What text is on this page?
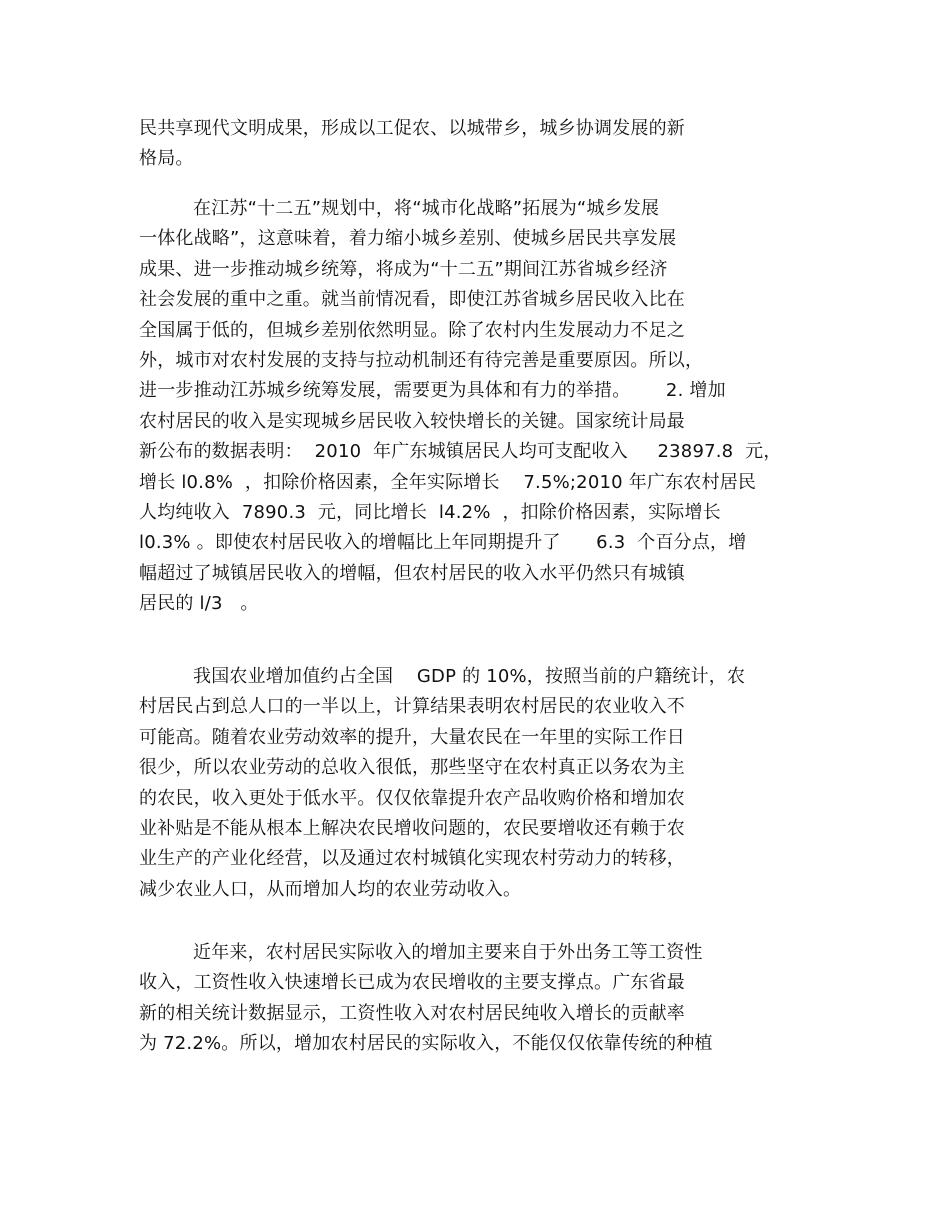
民共享现代文明成果，形成以工促农、以城带乡，城乡协调发展的新
格局。
在江苏“十二五”规划中，将“城市化战略”拓展为“城乡发展
一体化战略”，这意味着，着力缩小城乡差别、使城乡居民共享发展
成果、进一步推动城乡统筹，将成为“十二五”期间江苏省城乡经济
社会发展的重中之重。就当前情况看，即使江苏省城乡居民收入比在
全国属于低的，但城乡差别依然明显。除了农村内生发展动力不足之
外，城市对农村发展的支持与拉动机制还有待完善是重要原因。所以，
进一步推动江苏城乡统筹发展，需要更为具体和有力的举措。      2. 增加
农村居民的收入是实现城乡居民收入较快增长的关键。国家统计局最
新公布的数据表明：  2010  年广东城镇居民人均可支配收入     23897.8  元，
增长 l0.8%  ，扣除价格因素，全年实际增长    7.5%;2010 年广东农村居民
人均纯收入  7890.3  元，同比增长  l4.2%  ，扣除价格因素，实际增长
l0.3% 。即使农村居民收入的增幅比上年同期提升了      6.3  个百分点，增
幅超过了城镇居民收入的增幅，但农村居民的收入水平仍然只有城镇
居民的 l/3   。
我国农业增加值约占全国    GDP 的 10%，按照当前的户籍统计，农
村居民占到总人口的一半以上，计算结果表明农村居民的农业收入不
可能高。随着农业劳动效率的提升，大量农民在一年里的实际工作日
很少，所以农业劳动的总收入很低，那些坚守在农村真正以务农为主
的农民，收入更处于低水平。仅仅依靠提升农产品收购价格和增加农
业补贴是不能从根本上解决农民增收问题的，农民要增收还有赖于农
业生产的产业化经营，以及通过农村城镇化实现农村劳动力的转移，
减少农业人口，从而增加人均的农业劳动收入。
近年来，农村居民实际收入的增加主要来自于外出务工等工资性
收入，工资性收入快速增长已成为农民增收的主要支撑点。广东省最
新的相关统计数据显示，工资性收入对农村居民纯收入增长的贡献率
为 72.2%。所以，增加农村居民的实际收入，不能仅仅依靠传统的种植
